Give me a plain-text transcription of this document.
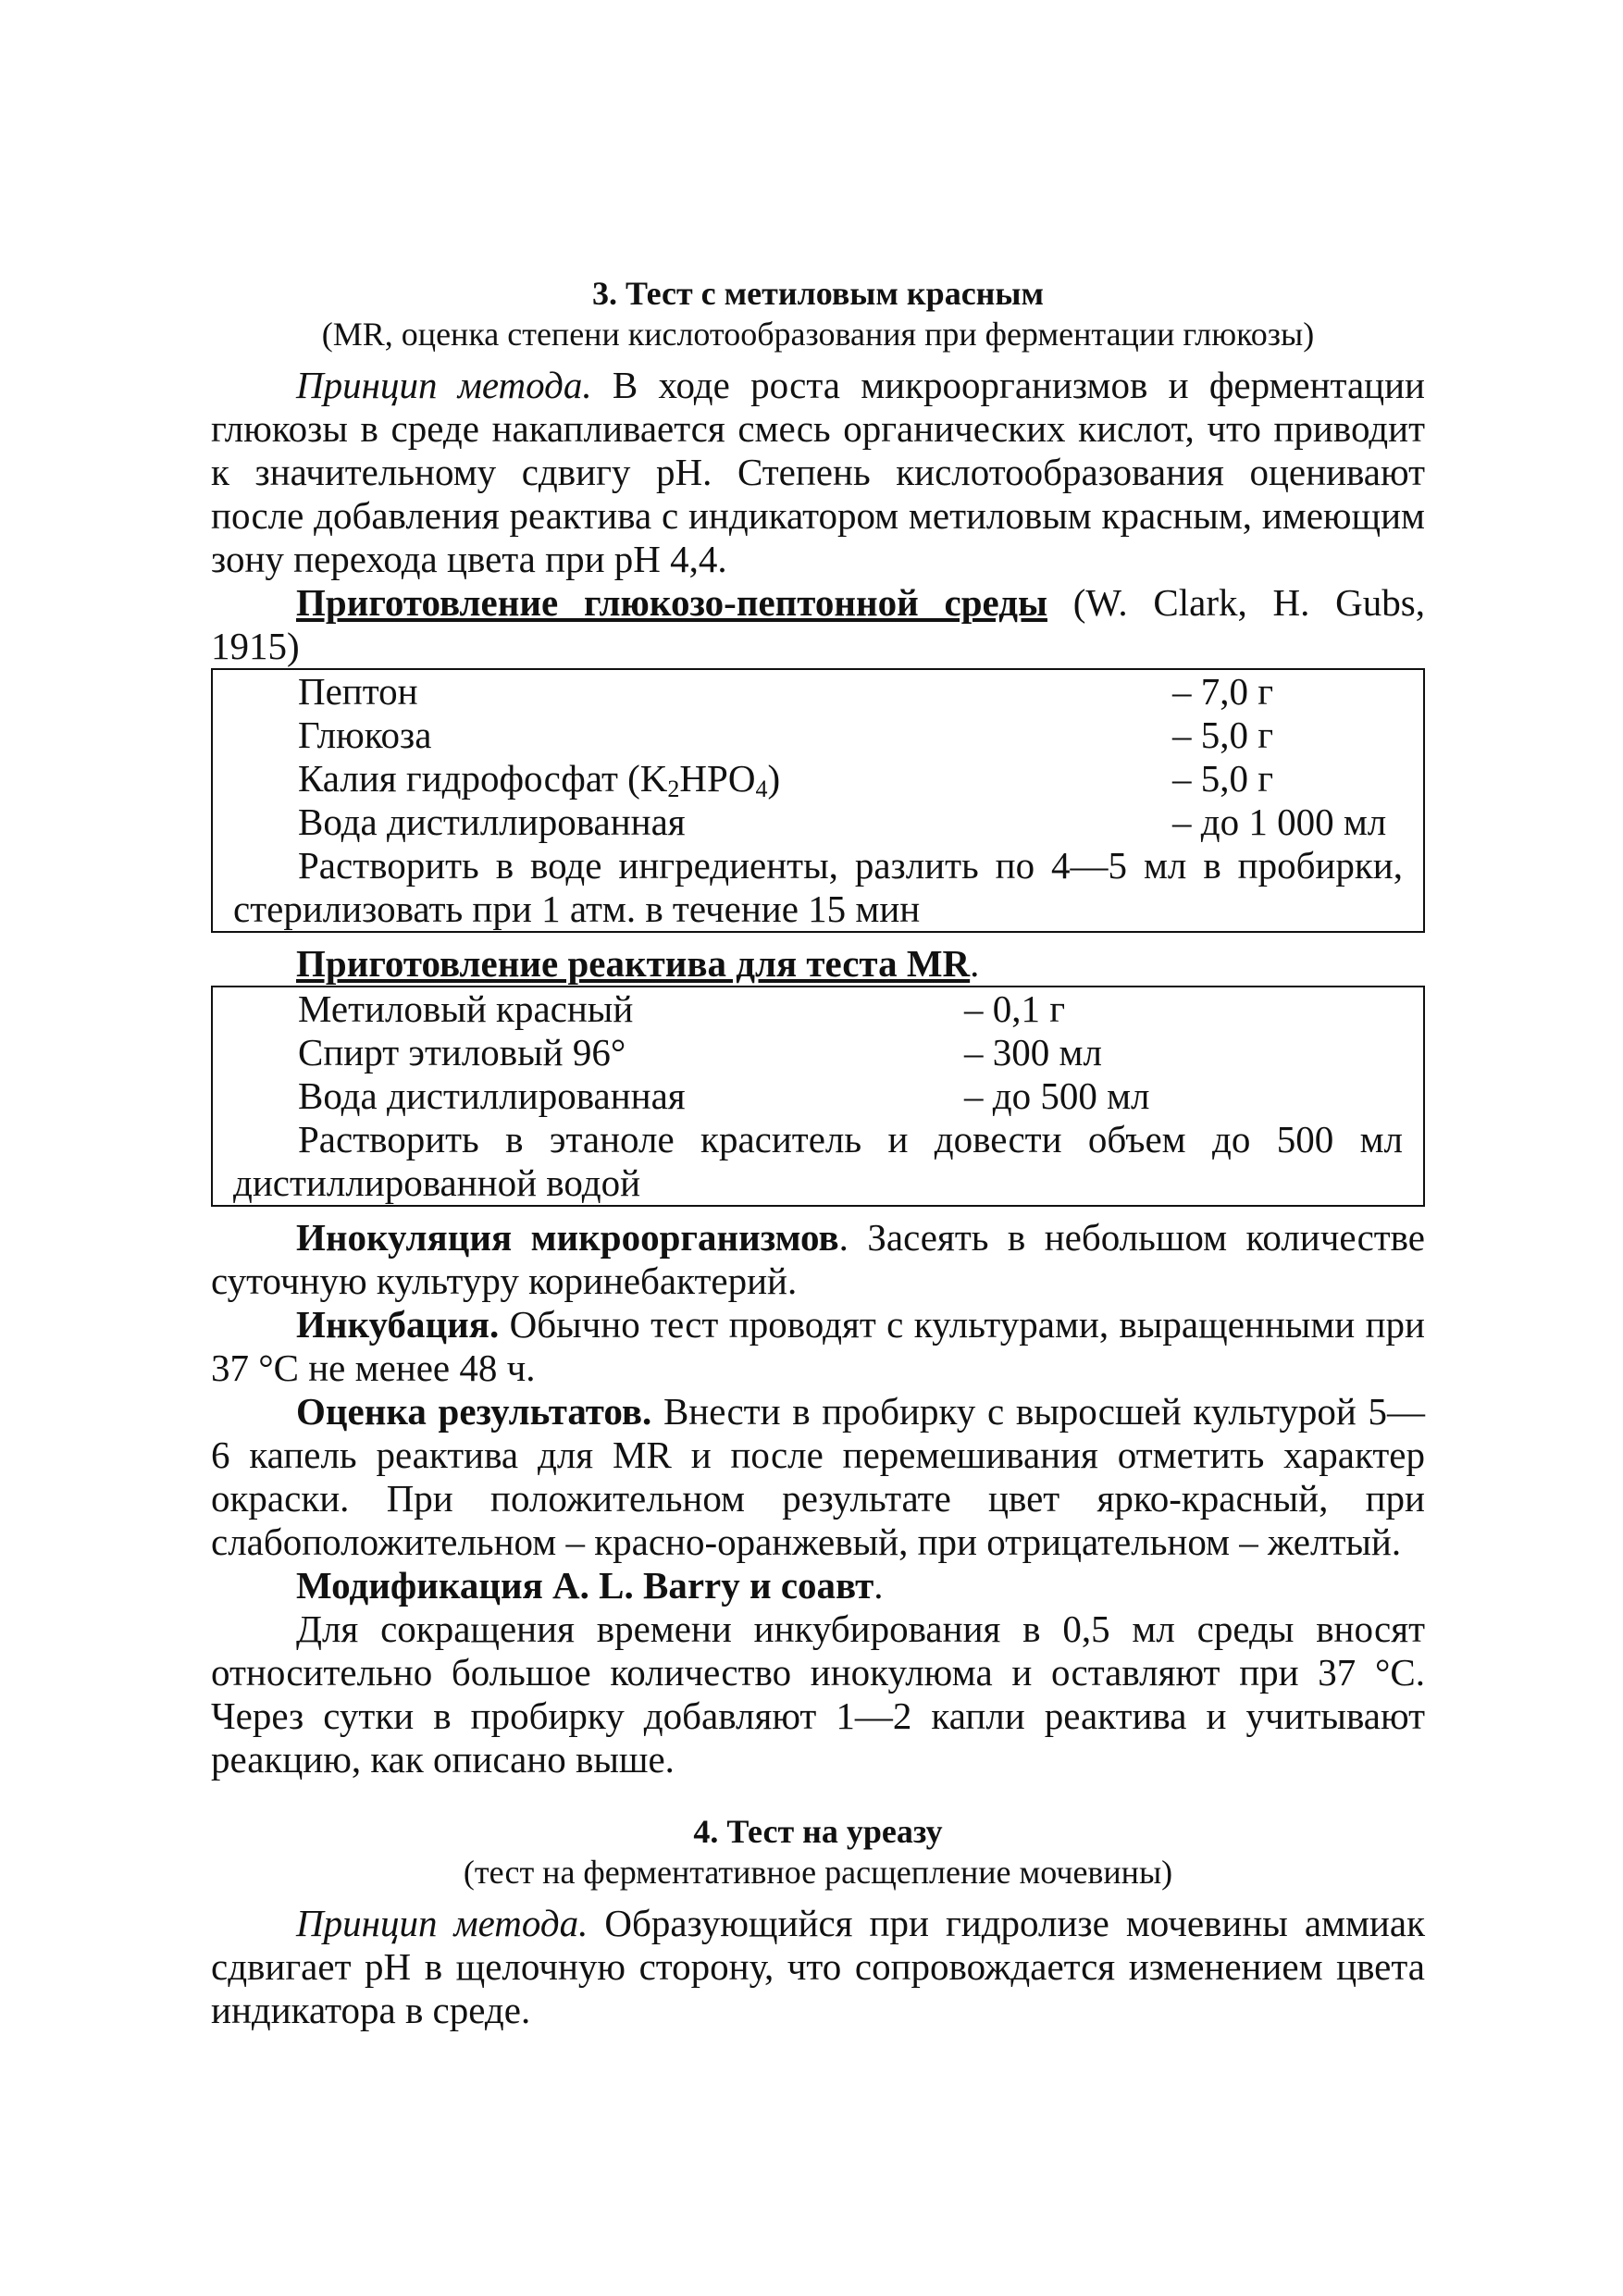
3. Тест с метиловым красным
(MR, оценка степени кислотообразования при ферментации глюкозы)

Принцип метода. В ходе роста микроорганизмов и ферментации глюкозы в среде накапливается смесь органических кислот, что приводит к значительному сдвигу pH. Степень кислотообразования оценивают после добавления реактива с индикатором метиловым красным, имеющим зону перехода цвета при pH 4,4.

Приготовление глюкозо-пептонной среды (W. Clark, H. Gubs, 1915)

Пептон	– 7,0 г
Глюкоза	– 5,0 г
Калия гидрофосфат $(K_2HPO_4)$	– 5,0 г
Вода дистиллированная	– до 1 000 мл

Растворить в воде ингредиенты, разлить по 4—5 мл в пробирки, стерилизовать при 1 атм. в течение 15 мин

Приготовление реактива для теста MR.

Метиловый красный	– 0,1 г
Спирт этиловый 96°	– 300 мл
Вода дистиллированная	– до 500 мл

Растворить в этаноле краситель и довести объем до 500 мл дистиллированной водой

Инокуляция микроорганизмов. Засеять в небольшом количестве суточную культуру коринебактерий.

Инкубация. Обычно тест проводят с культурами, выращенными при 37 °С не менее 48 ч.

Оценка результатов. Внести в пробирку с выросшей культурой 5—6 капель реактива для MR и после перемешивания отметить характер окраски. При положительном результате цвет ярко-красный, при слабоположительном – красно-оранжевый, при отрицательном – желтый.

Модификация A. L. Barry и соавт.

Для сокращения времени инкубирования в 0,5 мл среды вносят относительно большое количество инокулюма и оставляют при 37 °С. Через сутки в пробирку добавляют 1—2 капли реактива и учитывают реакцию, как описано выше.

4. Тест на уреазу
(тест на ферментативное расщепление мочевины)

Принцип метода. Образующийся при гидролизе мочевины аммиак сдвигает pH в щелочную сторону, что сопровождается изменением цвета индикатора в среде.
